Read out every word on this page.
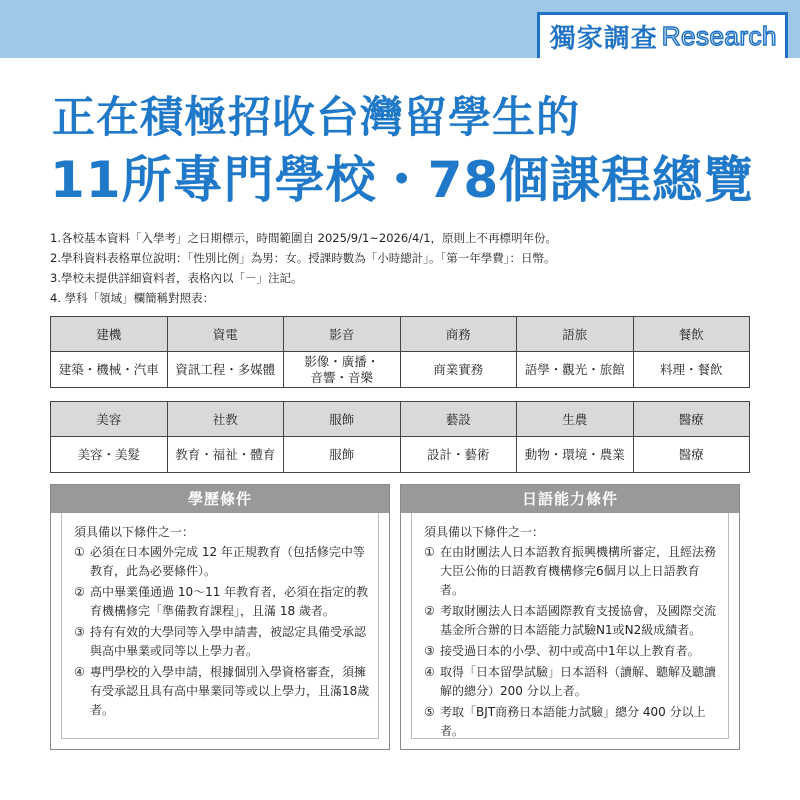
獨家調查 Research
正在積極招收台灣留學生的
11所專門學校・78個課程總覽
1.各校基本資料「入學考」之日期標示，時間範圍自 2025/9/1~2026/4/1，原則上不再標明年份。
2.學科資料表格單位說明：「性別比例」為男：女。授課時數為「小時總計」。「第一年學費」：日幣。
3.學校未提供詳細資料者，表格內以「－」注記。
4. 學科「領域」欄簡稱對照表：
建機	資電	影音	商務	語旅	餐飲
建築・機械・汽車	資訊工程・多媒體	影像・廣播・
音響・音樂	商業實務	語學・觀光・旅館	料理・餐飲
美容	社教	服飾	藝設	生農	醫療
美容・美髮	教育・福祉・體育	服飾	設計・藝術	動物・環境・農業	醫療
學歷條件
須具備以下條件之一：
① 必須在日本國外完成 12 年正規教育（包括修完中等教育，此為必要條件）。
② 高中畢業僅通過 10～11 年教育者，必須在指定的教育機構修完「準備教育課程」，且滿 18 歲者。
③ 持有有效的大學同等入學申請書，被認定具備受承認與高中畢業或同等以上學力者。
④ 專門學校的入學申請，根據個別入學資格審查，須擁有受承認且具有高中畢業同等或以上學力，且滿18歲者。
日語能力條件
須具備以下條件之一：
① 在由財團法人日本語教育振興機構所審定，且經法務大臣公佈的日語教育機構修完6個月以上日語教育者。
② 考取財團法人日本語國際教育支援協會，及國際交流基金所合辦的日本語能力試驗N1或N2級成績者。
③ 接受過日本的小學、初中或高中1年以上教育者。
④ 取得「日本留學試驗」日本語科（讀解、聽解及聽讀解的總分）200 分以上者。
⑤ 考取「BJT商務日本語能力試驗」總分 400 分以上者。
